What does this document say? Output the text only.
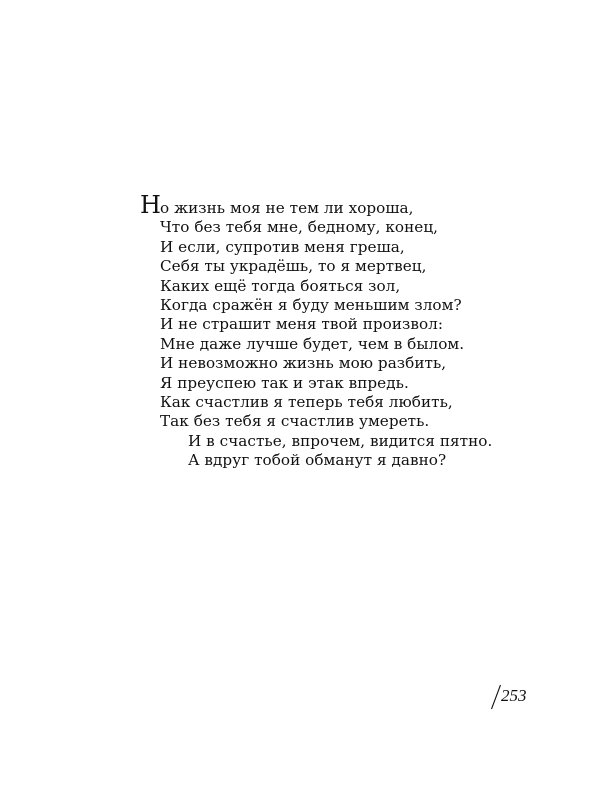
Н о жизнь моя не тем ли хороша,
Что без тебя мне, бедному, конец,
И если, супротив меня греша,
Себя ты украдёшь, то я мертвец,
Каких ещё тогда бояться зол,
Когда сражён я буду меньшим злом?
И не страшит меня твой произвол:
Мне даже лучше будет, чем в былом.
И невозможно жизнь мою разбить,
Я преуспею так и этак впредь.
Как счастлив я теперь тебя любить,
Так без тебя я счастлив умереть.
И в счастье, впрочем, видится пятно.
А вдруг тобой обманут я давно?
253
